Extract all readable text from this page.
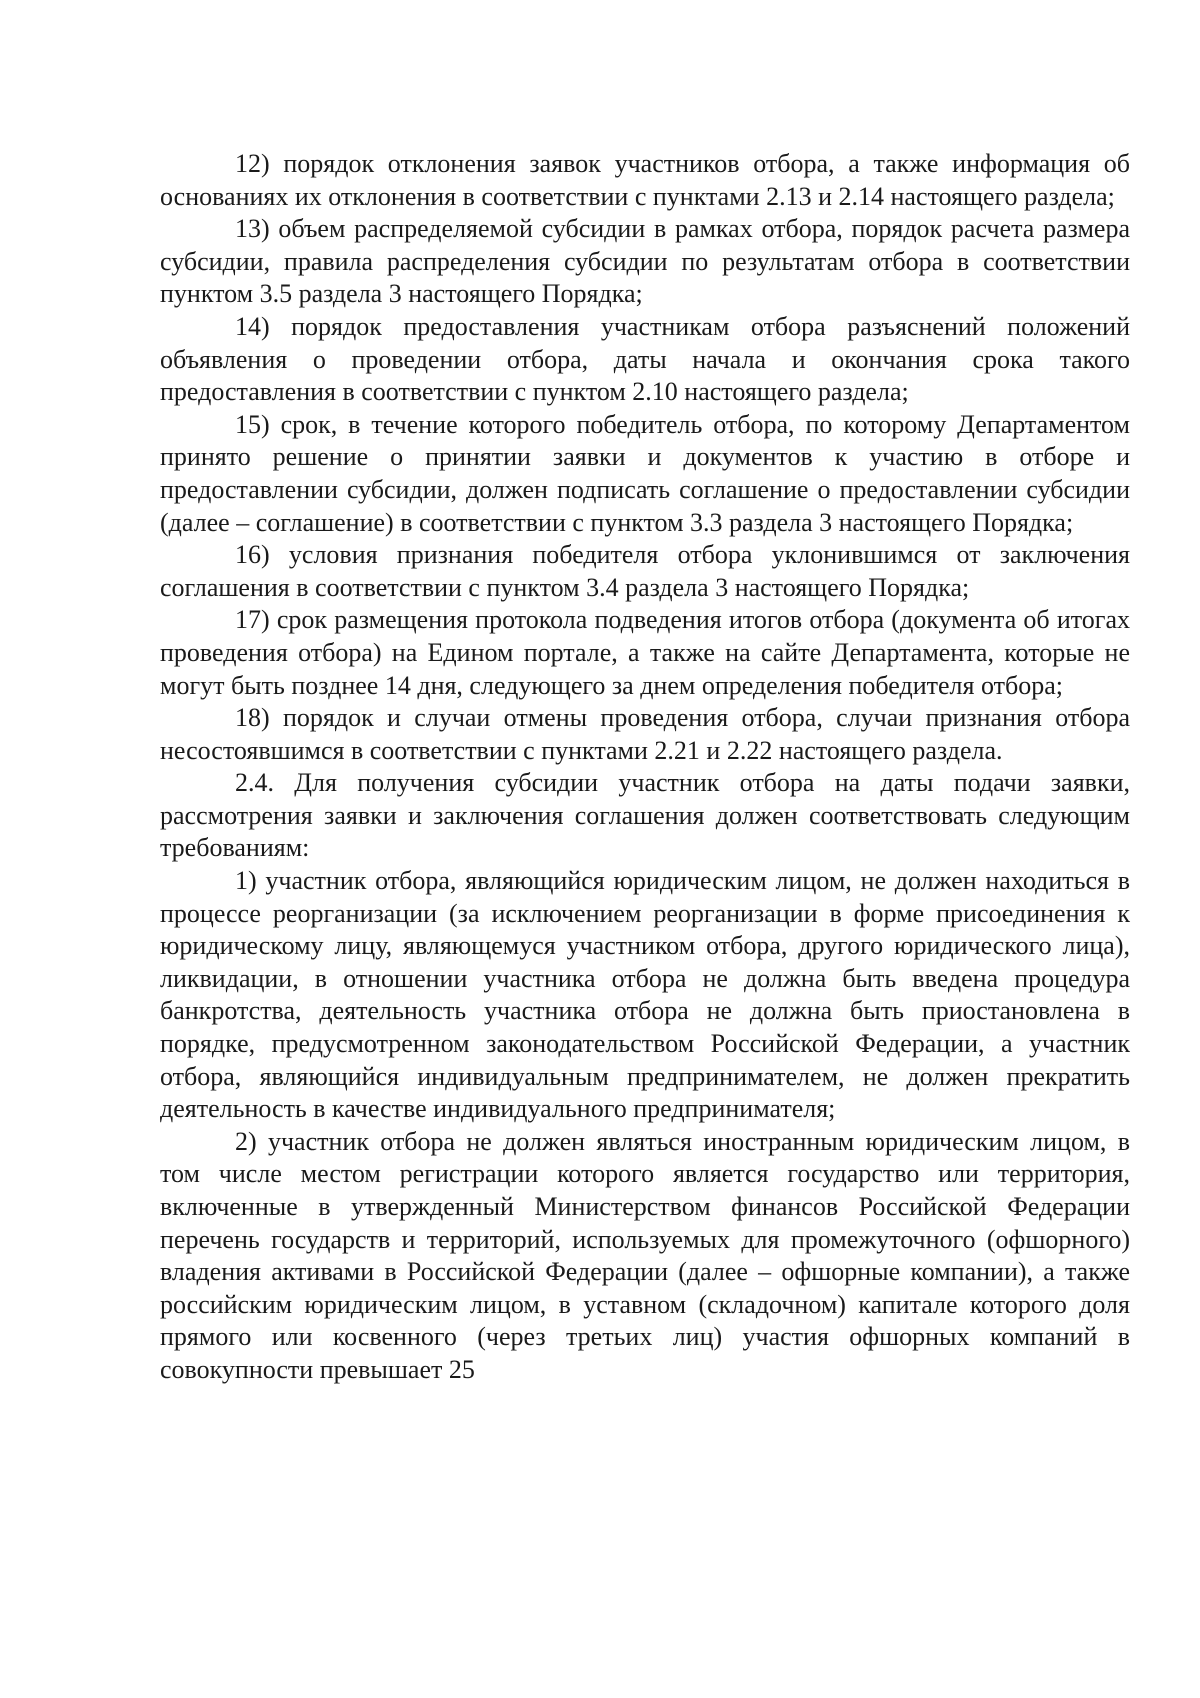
12) порядок отклонения заявок участников отбора, а также информация об основаниях их отклонения в соответствии с пунктами 2.13 и 2.14 настоящего раздела;

13) объем распределяемой субсидии в рамках отбора, порядок расчета размера субсидии, правила распределения субсидии по результатам отбора в соответствии пунктом 3.5 раздела 3 настоящего Порядка;

14) порядок предоставления участникам отбора разъяснений положений объявления о проведении отбора, даты начала и окончания срока такого предоставления в соответствии с пунктом 2.10 настоящего раздела;

15) срок, в течение которого победитель отбора, по которому Департаментом принято решение о принятии заявки и документов к участию в отборе и предоставлении субсидии, должен подписать соглашение о предоставлении субсидии (далее – соглашение) в соответствии с пунктом 3.3 раздела 3 настоящего Порядка;

16) условия признания победителя отбора уклонившимся от заключения соглашения в соответствии с пунктом 3.4 раздела 3 настоящего Порядка;

17) срок размещения протокола подведения итогов отбора (документа об итогах проведения отбора) на Едином портале, а также на сайте Департамента, которые не могут быть позднее 14 дня, следующего за днем определения победителя отбора;

18) порядок и случаи отмены проведения отбора, случаи признания отбора несостоявшимся в соответствии с пунктами 2.21 и 2.22 настоящего раздела.

2.4. Для получения субсидии участник отбора на даты подачи заявки, рассмотрения заявки и заключения соглашения должен соответствовать следующим требованиям:

1) участник отбора, являющийся юридическим лицом, не должен находиться в процессе реорганизации (за исключением реорганизации в форме присоединения к юридическому лицу, являющемуся участником отбора, другого юридического лица), ликвидации, в отношении участника отбора не должна быть введена процедура банкротства, деятельность участника отбора не должна быть приостановлена в порядке, предусмотренном законодательством Российской Федерации, а участник отбора, являющийся индивидуальным предпринимателем, не должен прекратить деятельность в качестве индивидуального предпринимателя;

2) участник отбора не должен являться иностранным юридическим лицом, в том числе местом регистрации которого является государство или территория, включенные в утвержденный Министерством финансов Российской Федерации перечень государств и территорий, используемых для промежуточного (офшорного) владения активами в Российской Федерации (далее – офшорные компании), а также российским юридическим лицом, в уставном (складочном) капитале которого доля прямого или косвенного (через третьих лиц) участия офшорных компаний в совокупности превышает 25
